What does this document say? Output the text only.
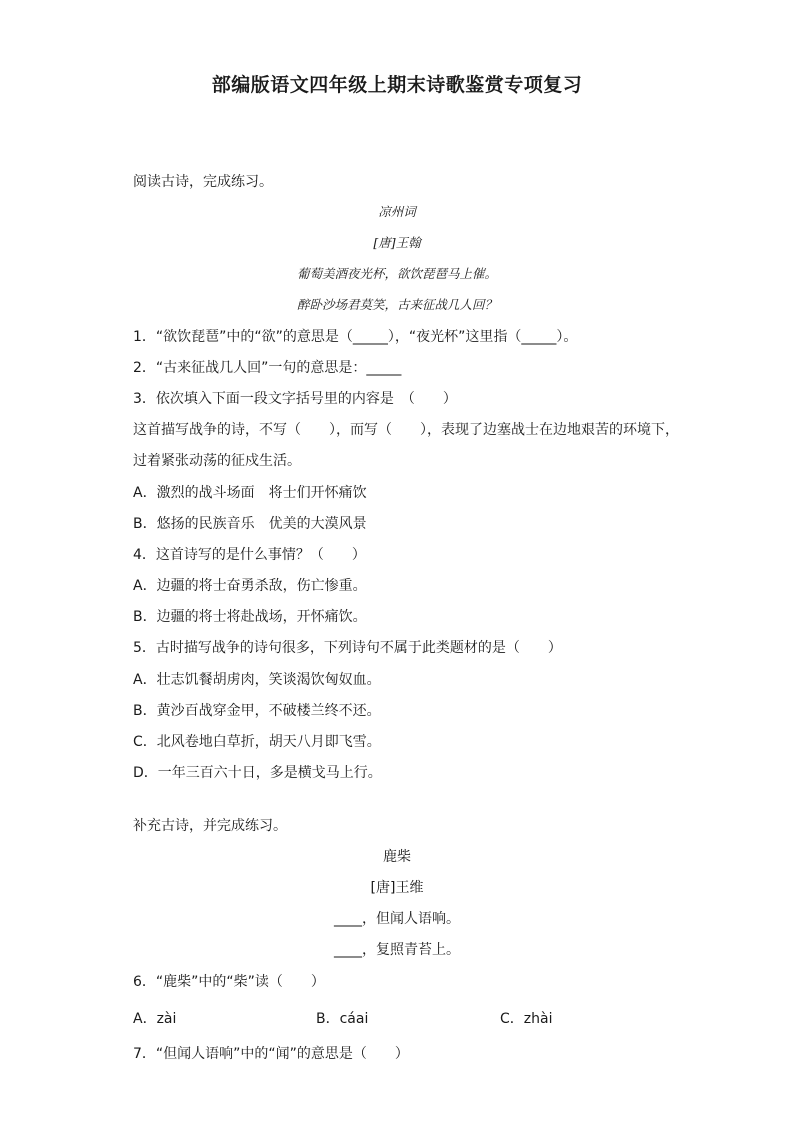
部编版语文四年级上期末诗歌鉴赏专项复习
阅读古诗，完成练习。
凉州词
[唐]王翰
葡萄美酒夜光杯，欲饮琵琶马上催。
醉卧沙场君莫笑，古来征战几人回？
1．“欲饮琵琶”中的“欲”的意思是（_____），“夜光杯”这里指（_____）。
2．“古来征战几人回”一句的意思是：_____
3．依次填入下面一段文字括号里的内容是　（　　）
这首描写战争的诗，不写（　　），而写（　　），表现了边塞战士在边地艰苦的环境下，
过着紧张动荡的征戍生活。
A．激烈的战斗场面　将士们开怀痛饮
B．悠扬的民族音乐　优美的大漠风景
4．这首诗写的是什么事情？（　　）
A．边疆的将士奋勇杀敌，伤亡惨重。
B．边疆的将士将赴战场，开怀痛饮。
5．古时描写战争的诗句很多，下列诗句不属于此类题材的是（　　）
A．壮志饥餐胡虏肉，笑谈渴饮匈奴血。
B．黄沙百战穿金甲，不破楼兰终不还。
C．北风卷地白草折，胡天八月即飞雪。
D．一年三百六十日，多是横戈马上行。
补充古诗，并完成练习。
鹿柴
[唐]王维
____，但闻人语响。
____，复照青苔上。
6．“鹿柴”中的“柴”读（　　）
A．zài	B．cáai	C．zhài
7．“但闻人语响”中的“闻”的意思是（　　）
